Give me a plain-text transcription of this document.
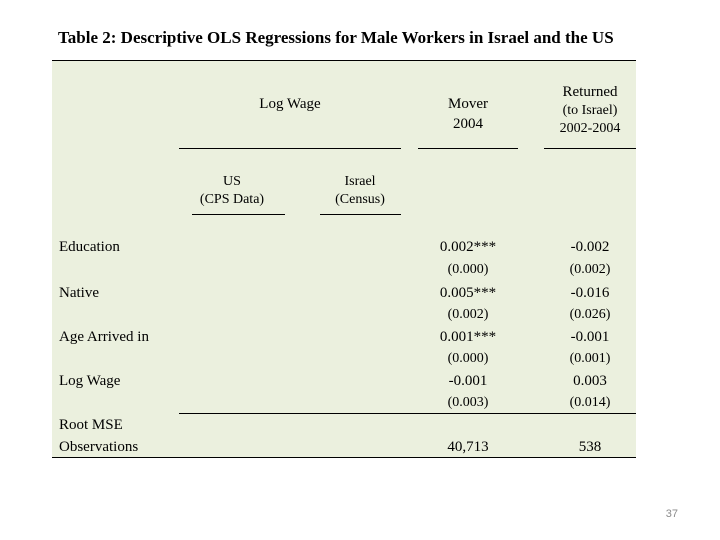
Table 2: Descriptive OLS Regressions for Male Workers in Israel and the US
Log Wage	Mover
2004
Returned
(to Israel)
2002-2004
US
(CPS Data)
Israel
(Census)
Education
Native
Age Arrived in
Log Wage
Root MSE
Observations
0.002***
(0.000)
0.005***
(0.002)
0.001***
(0.000)
-0.001
(0.003)
40,713
-0.002
(0.002)
-0.016
(0.026)
-0.001
(0.001)
0.003
(0.014)
538
37
